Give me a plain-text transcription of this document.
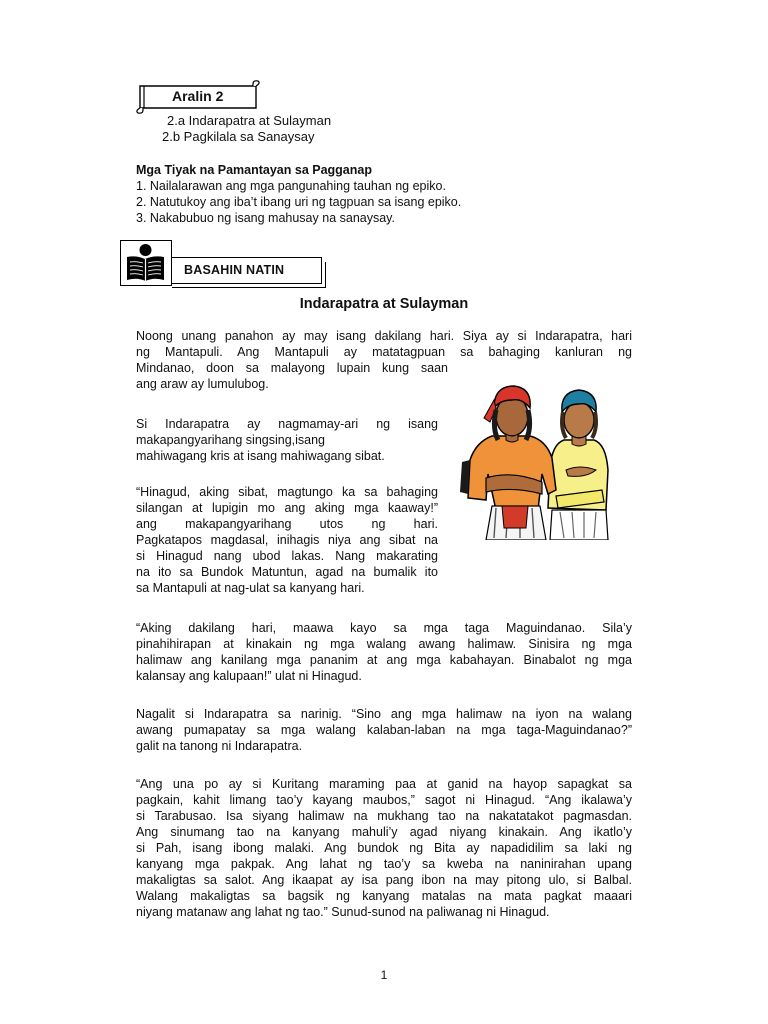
Aralin 2
2.a Indarapatra at Sulayman
2.b Pagkilala sa Sanaysay
Mga Tiyak na Pamantayan sa Pagganap
1. Nailalarawan ang mga pangunahing tauhan ng epiko.
2. Natutukoy ang iba’t ibang uri ng tagpuan sa isang epiko.
3. Nakabubuo ng isang mahusay na sanaysay.
BASAHIN NATIN
Indarapatra at Sulayman
Noong unang panahon ay may isang dakilang hari. Siya ay si Indarapatra, hari
ng Mantapuli. Ang Mantapuli ay matatagpuan sa bahaging kanluran ng
Mindanao, doon sa malayong lupain kung saan
ang araw ay lumulubog.
Si Indarapatra ay nagmamay-ari ng isang
makapangyarihang singsing,isang
mahiwagang kris at isang mahiwagang sibat.
“Hinagud, aking sibat, magtungo ka sa bahaging
silangan at lupigin mo ang aking mga kaaway!”
ang makapangyarihang utos ng hari.
Pagkatapos magdasal, inihagis niya ang sibat na
si Hinagud nang ubod lakas. Nang makarating
na ito sa Bundok Matuntun, agad na bumalik ito
sa Mantapuli at nag-ulat sa kanyang hari.
“Aking dakilang hari, maawa kayo sa mga taga Maguindanao. Sila’y
pinahihirapan at kinakain ng mga walang awang halimaw. Sinisira ng mga
halimaw ang kanilang mga pananim at ang mga kabahayan. Binabalot ng mga
kalansay ang kalupaan!” ulat ni Hinagud.
Nagalit si Indarapatra sa narinig. “Sino ang mga halimaw na iyon na walang
awang pumapatay sa mga walang kalaban-laban na mga taga-Maguindanao?”
galit na tanong ni Indarapatra.
“Ang una po ay si Kuritang maraming paa at ganid na hayop sapagkat sa
pagkain, kahit limang tao’y kayang maubos,” sagot ni Hinagud. “Ang ikalawa’y
si Tarabusao. Isa siyang halimaw na mukhang tao na nakatatakot pagmasdan.
Ang sinumang tao na kanyang mahuli’y agad niyang kinakain. Ang ikatlo’y
si Pah, isang ibong malaki. Ang bundok ng Bita ay napadidilim sa laki ng
kanyang mga pakpak. Ang lahat ng tao’y sa kweba na naninirahan upang
makaligtas sa salot. Ang ikaapat ay isa pang ibon na may pitong ulo, si Balbal.
Walang makaligtas sa bagsik ng kanyang matalas na mata pagkat maaari
niyang matanaw ang lahat ng tao.” Sunud-sunod na paliwanag ni Hinagud.
1
